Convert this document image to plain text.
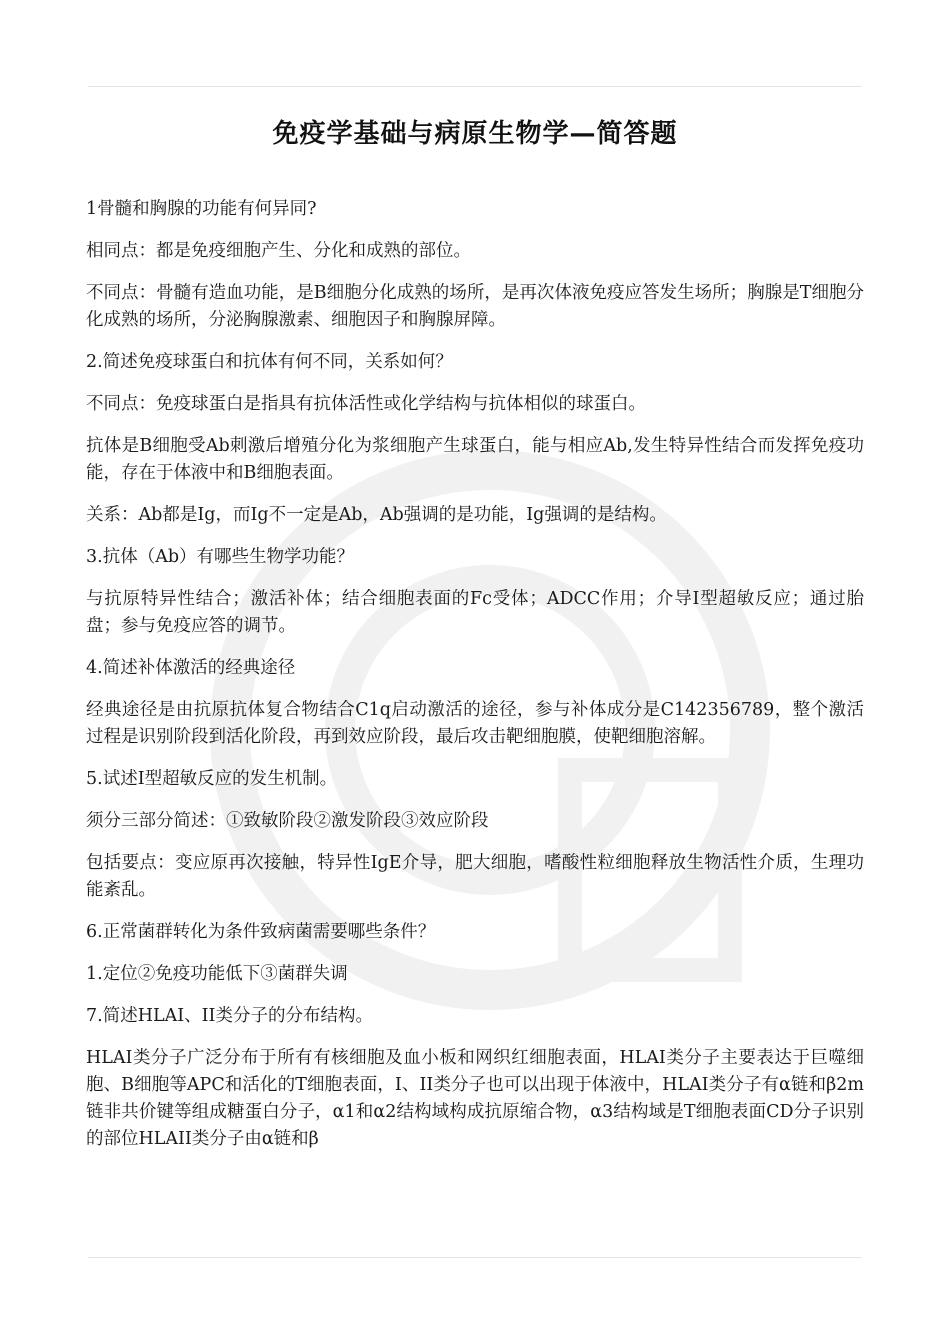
免疫学基础与病原生物学—简答题

1骨髓和胸腺的功能有何异同?

相同点：都是免疫细胞产生、分化和成熟的部位。

不同点：骨髓有造血功能，是B细胞分化成熟的场所，是再次体液免疫应答发生场所；胸腺是T细胞分化成熟的场所，分泌胸腺激素、细胞因子和胸腺屏障。

2.简述免疫球蛋白和抗体有何不同，关系如何？

不同点：免疫球蛋白是指具有抗体活性或化学结构与抗体相似的球蛋白。

抗体是B细胞受Ab刺激后增殖分化为浆细胞产生球蛋白，能与相应Ab,发生特异性结合而发挥免疫功能，存在于体液中和B细胞表面。

关系：Ab都是Ig，而Ig不一定是Ab，Ab强调的是功能，Ig强调的是结构。

3.抗体（Ab）有哪些生物学功能？

与抗原特异性结合；激活补体；结合细胞表面的Fc受体；ADCC作用；介导I型超敏反应；通过胎盘；参与免疫应答的调节。

4.简述补体激活的经典途径

经典途径是由抗原抗体复合物结合C1q启动激活的途径，参与补体成分是C142356789，整个激活过程是识别阶段到活化阶段，再到效应阶段，最后攻击靶细胞膜，使靶细胞溶解。

5.试述I型超敏反应的发生机制。

须分三部分简述：①致敏阶段②激发阶段③效应阶段

包括要点：变应原再次接触，特异性IgE介导，肥大细胞，嗜酸性粒细胞释放生物活性介质，生理功能紊乱。

6.正常菌群转化为条件致病菌需要哪些条件？

1.定位②免疫功能低下③菌群失调

7.简述HLAI、II类分子的分布结构。

HLAI类分子广泛分布于所有有核细胞及血小板和网织红细胞表面，HLAI类分子主要表达于巨噬细胞、B细胞等APC和活化的T细胞表面，I、II类分子也可以出现于体液中，HLAI类分子有α链和β2m链非共价键等组成糖蛋白分子，α1和α2结构域构成抗原缩合物，α3结构域是T细胞表面CD分子识别的部位HLAII类分子由α链和β
